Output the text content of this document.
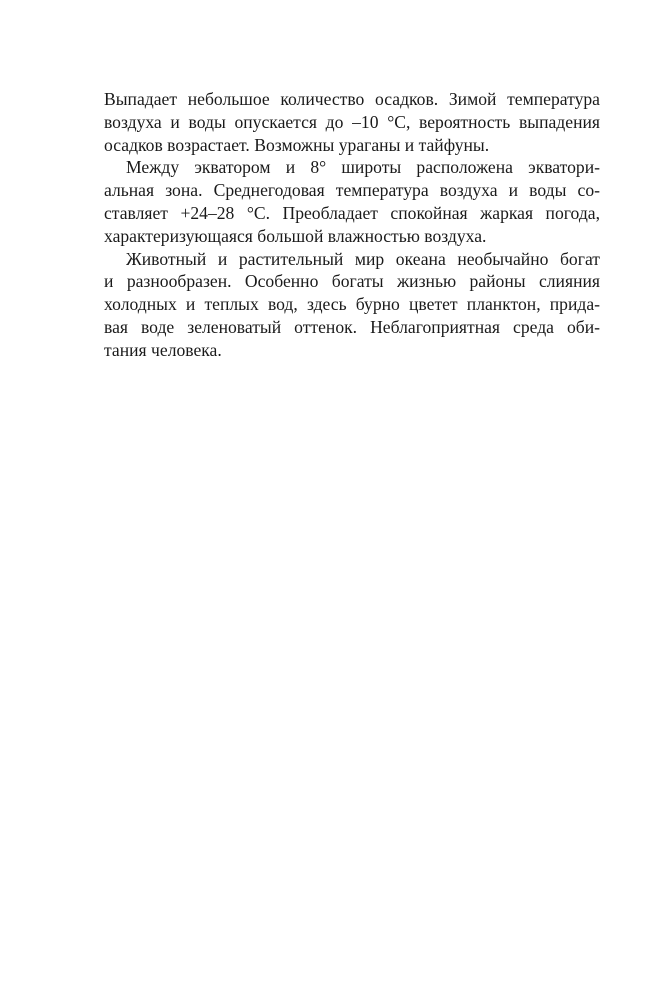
Выпадает небольшое количество осадков. Зимой температура
воздуха и воды опускается до –10 °С, вероятность выпадения
осадков возрастает. Возможны ураганы и тайфуны.
Между экватором и 8° широты расположена экватори-
альная зона. Среднегодовая температура воздуха и воды со-
ставляет +24–28 °С. Преобладает спокойная жаркая погода,
характеризующаяся большой влажностью воздуха.
Животный и растительный мир океана необычайно богат
и разнообразен. Особенно богаты жизнью районы слияния
холодных и теплых вод, здесь бурно цветет планктон, прида-
вая воде зеленоватый оттенок. Неблагоприятная среда оби-
тания человека.
